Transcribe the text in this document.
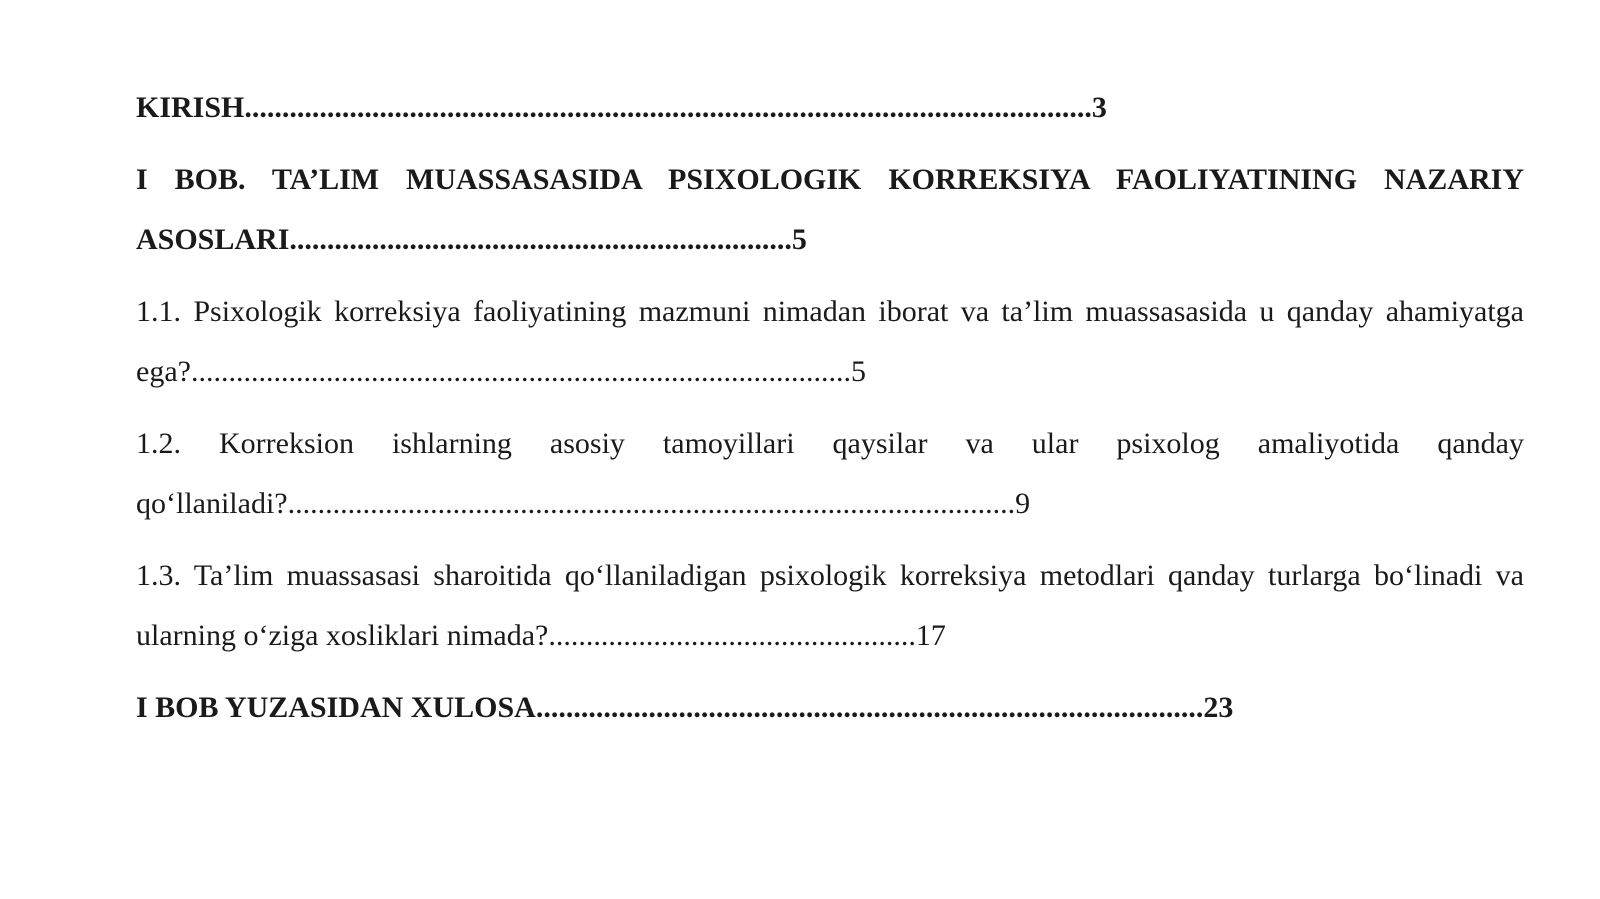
KIRISH.................................................................................................................3

I BOB. TA’LIM MUASSASASIDA PSIXOLOGIK KORREKSIYA FAOLIYATINING NAZARIY ASOSLARI...................................................................5

1.1. Psixologik korreksiya faoliyatining mazmuni nimadan iborat va ta’lim muassasasida u qanday ahamiyatga ega?........................................................................................5

1.2. Korreksion ishlarning asosiy tamoyillari qaysilar va ular psixolog amaliyotida qanday qo‘llaniladi?.................................................................................................9

1.3. Ta’lim muassasasi sharoitida qo‘llaniladigan psixologik korreksiya metodlari qanday turlarga bo‘linadi va ularning o‘ziga xosliklari nimada?.................................................17

I BOB YUZASIDAN XULOSA.........................................................................................23
